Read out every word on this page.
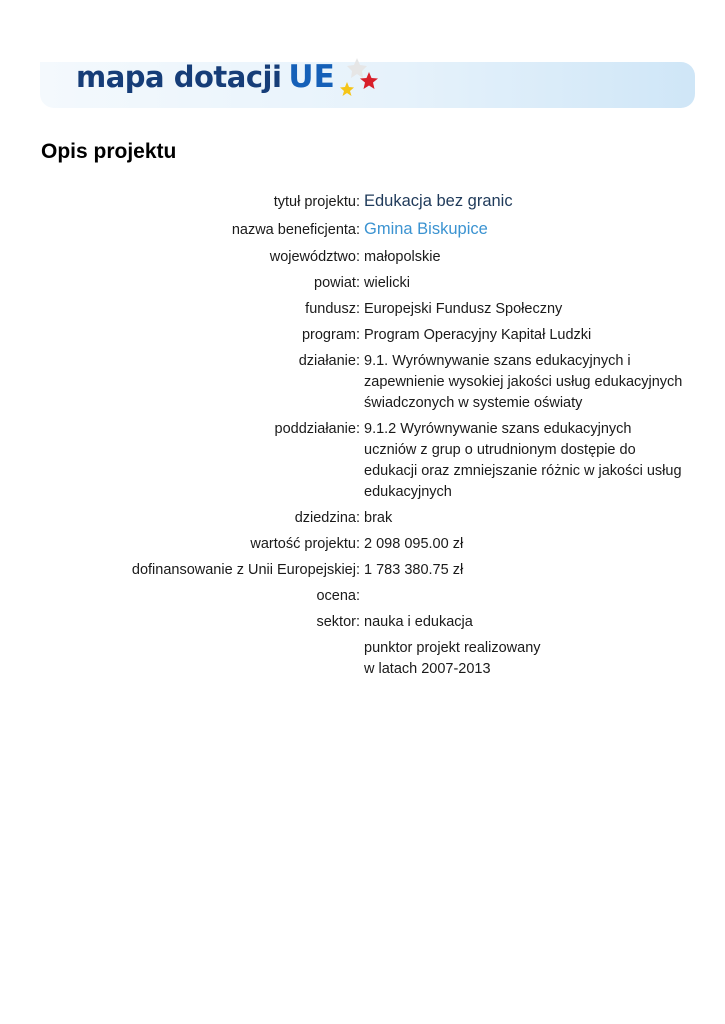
mapa dotacji UE
Opis projektu
tytuł projektu: Edukacja bez granic
nazwa beneficjenta: Gmina Biskupice
województwo: małopolskie
powiat: wielicki
fundusz: Europejski Fundusz Społeczny
program: Program Operacyjny Kapitał Ludzki
działanie: 9.1. Wyrównywanie szans edukacyjnych i zapewnienie wysokiej jakości usług edukacyjnych świadczonych w systemie oświaty
poddziałanie: 9.1.2 Wyrównywanie szans edukacyjnych uczniów z grup o utrudnionym dostępie do edukacji oraz zmniejszanie różnic w jakości usług edukacyjnych
dziedzina: brak
wartość projektu: 2 098 095.00 zł
dofinansowanie z Unii Europejskiej: 1 783 380.75 zł
ocena:
sektor: nauka i edukacja
punktor projekt realizowany w latach 2007-2013
